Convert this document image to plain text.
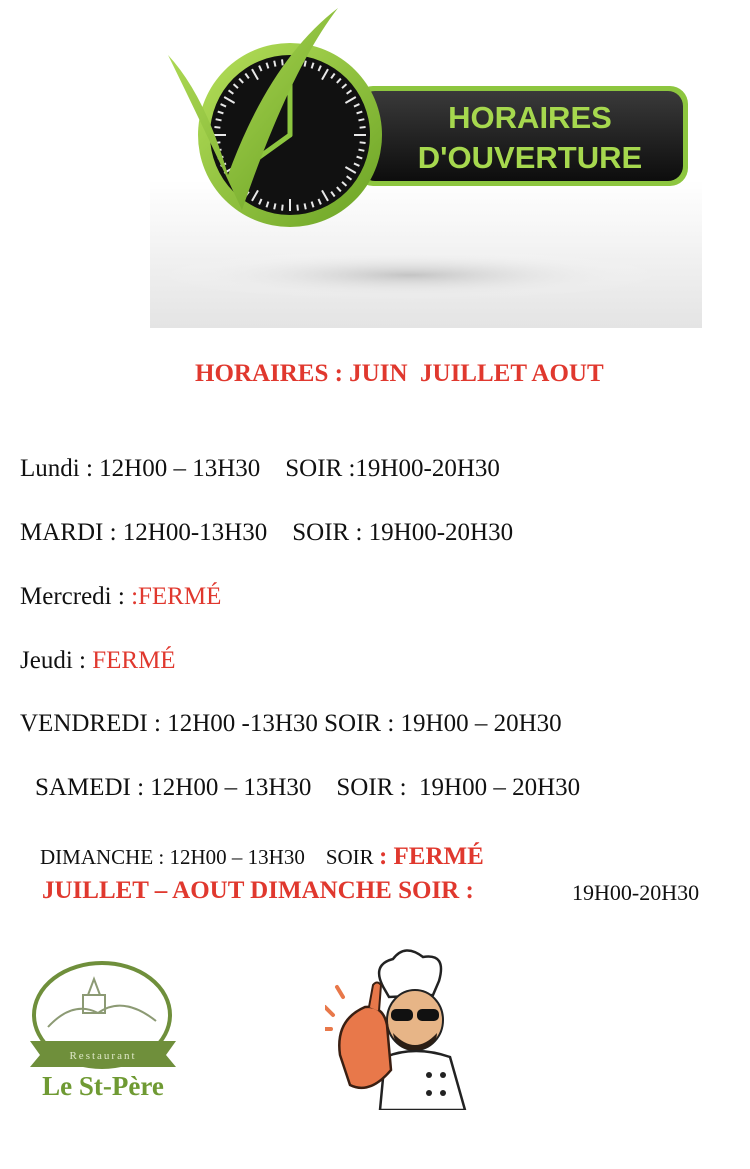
HORAIRES
D'OUVERTURE
HORAIRES : JUIN  JUILLET AOUT
Lundi : 12H00 – 13H30    SOIR :19H00-20H30
MARDI : 12H00-13H30    SOIR : 19H00-20H30
Mercredi : :FERMÉ
Jeudi : FERMÉ
VENDREDI : 12H00 -13H30 SOIR : 19H00 – 20H30
SAMEDI : 12H00 – 13H30    SOIR :  19H00 – 20H30
DIMANCHE : 12H00 – 13H30    SOIR : FERMÉ
JUILLET – AOUT DIMANCHE SOIR :	19H00-20H30
Restaurant
Le St-Père
